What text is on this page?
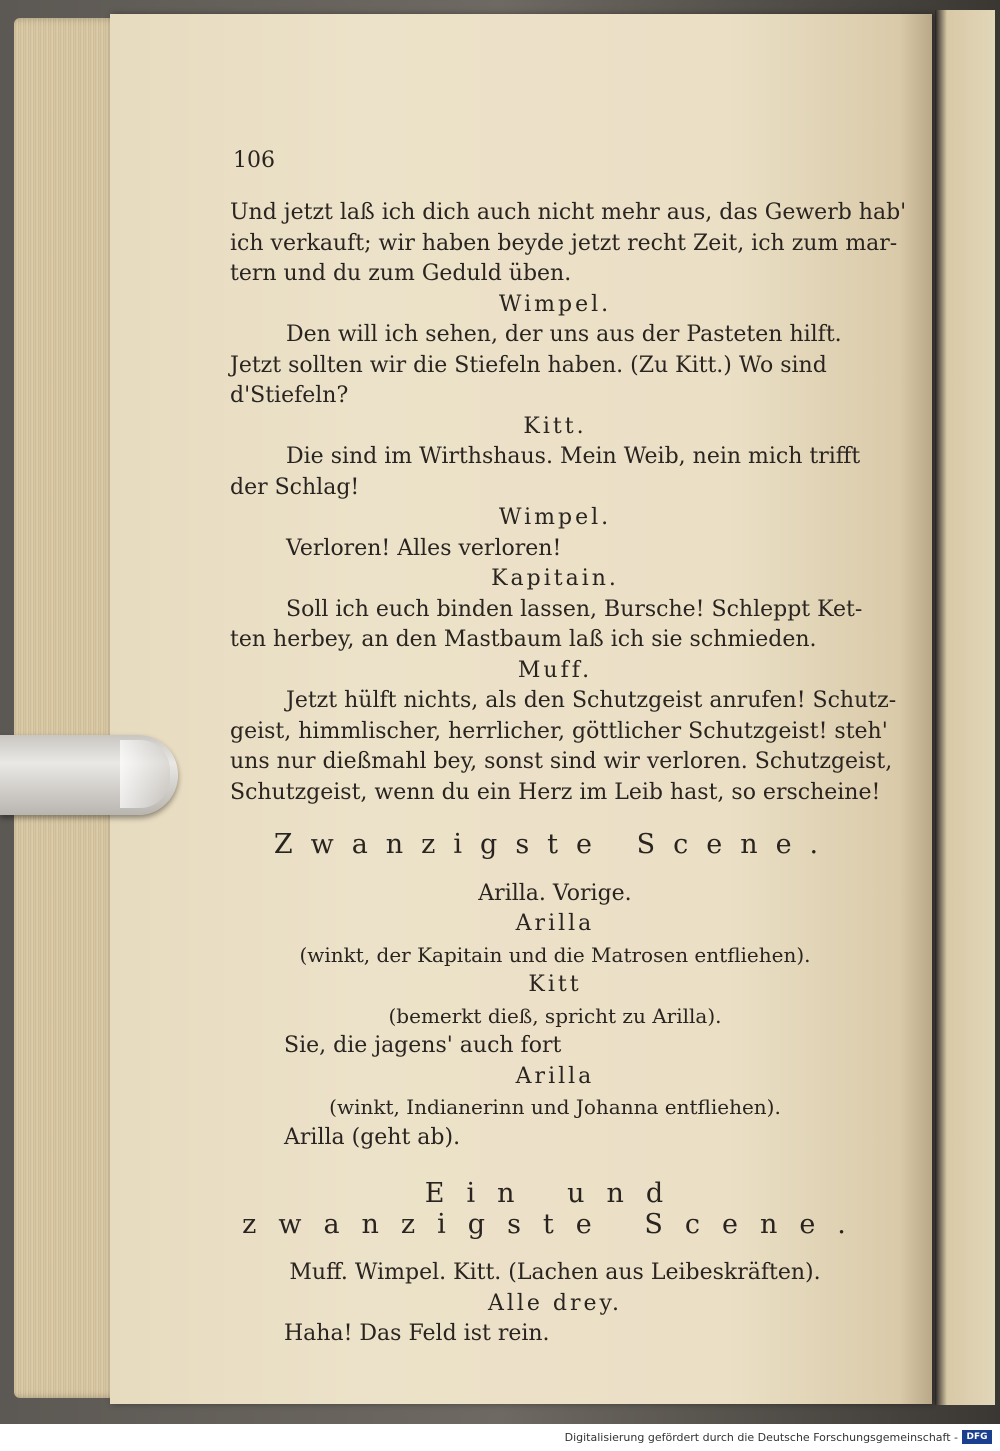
106
Und jetzt laß ich dich auch nicht mehr aus, das Gewerb hab'
ich verkauft; wir haben beyde jetzt recht Zeit, ich zum mar-
tern und du zum Geduld üben.
Wimpel.
Den will ich sehen, der uns aus der Pasteten hilft.
Jetzt sollten wir die Stiefeln haben. (Zu Kitt.) Wo sind
d'Stiefeln?
Kitt.
Die sind im Wirthshaus. Mein Weib, nein mich trifft
der Schlag!
Wimpel.
Verloren! Alles verloren!
Kapitain.
Soll ich euch binden lassen, Bursche! Schleppt Ket-
ten herbey, an den Mastbaum laß ich sie schmieden.
Muff.
Jetzt hülft nichts, als den Schutzgeist anrufen! Schutz-
geist, himmlischer, herrlicher, göttlicher Schutzgeist! steh'
uns nur dießmahl bey, sonst sind wir verloren. Schutzgeist,
Schutzgeist, wenn du ein Herz im Leib hast, so erscheine!
Zwanzigste Scene.
Arilla. Vorige.
Arilla
(winkt, der Kapitain und die Matrosen entfliehen).
Kitt
(bemerkt dieß, spricht zu Arilla).
Sie, die jagens' auch fort
Arilla
(winkt, Indianerinn und Johanna entfliehen).
Arilla (geht ab).
Ein und zwanzigste Scene.
Muff. Wimpel. Kitt. (Lachen aus Leibeskräften).
Alle drey.
Haha! Das Feld ist rein.
Digitalisierung gefördert durch die Deutsche Forschungsgemeinschaft - DFG
